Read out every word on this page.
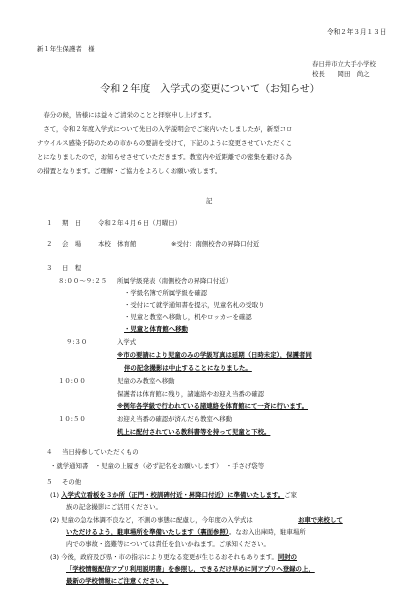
令和２年３月１３日
新１年生保護者　様
春日井市立大手小学校
校長　　岡田　尚之
令和２年度　入学式の変更について（お知らせ）
　春分の候，皆様には益々ご清栄のことと拝察申し上げます。
　さて，令和２年度入学式について先日の入学説明会でご案内いたしましたが，新型コロ
ナウイルス感染予防のための市からの要請を受けて，下記のように変更させていただくこ
とになりましたので，お知らせさせていただきます。教室内や近距離での密集を避ける為
の措置となります。ご理解・ご協力をよろしくお願い致します。
記
１ 期　日	令和２年４月６日（月曜日）
２ 会　場	本校　体育館	※受付：南側校舎の昇降口付近
３ 日　程
８:００～９:２５ 所属学級発表（南側校舎の昇降口付近）
・学級名簿で所属学級を確認
・受付にて就学通知書を提示，児童名札の受取り
・児童と教室へ移動し，机やロッカーを確認
・児童と体育館へ移動
９:３０	入学式
※市の要請により児童のみの学級写真は延期（日時未定），保護者同
伴の記念撮影は中止することになりました。
１０:００	児童のみ教室へ移動
保護者は体育館に残り，諸連絡やお迎え当番の確認
※例年各学級で行われている諸連絡を体育館にて一斉に行います。
１０:５０	お迎え当番の確認が済んだら教室へ移動
机上に配付されている教科書等を持って児童と下校。
４ 当日持参していただくもの
・就学通知書　・児童の上履き（必ず記名をお願いします）　・手さげ袋等
５ その他
(1) 入学式立看板を３か所（正門・校訓碑付近・昇降口付近）に準備いたします。ご家
族の記念撮影にご活用ください。
(2) 児童の急な体調不良など，不測の事態に配慮し，今年度の入学式は	お車で来校して
いただけるよう，駐車場所を準備いたします（裏面参照）。なお入出庫時，駐車場所
内での事故・盗難等については責任を負いかねます。ご承知ください。
(3) 今後，政府及び県・市の指示により更なる変更が生じるおそれもあります。同封の
「学校情報配信アプリ利用説明書」を参照し，できるだけ早めに同アプリへ登録の上，
最新の学校情報にご注意ください。
